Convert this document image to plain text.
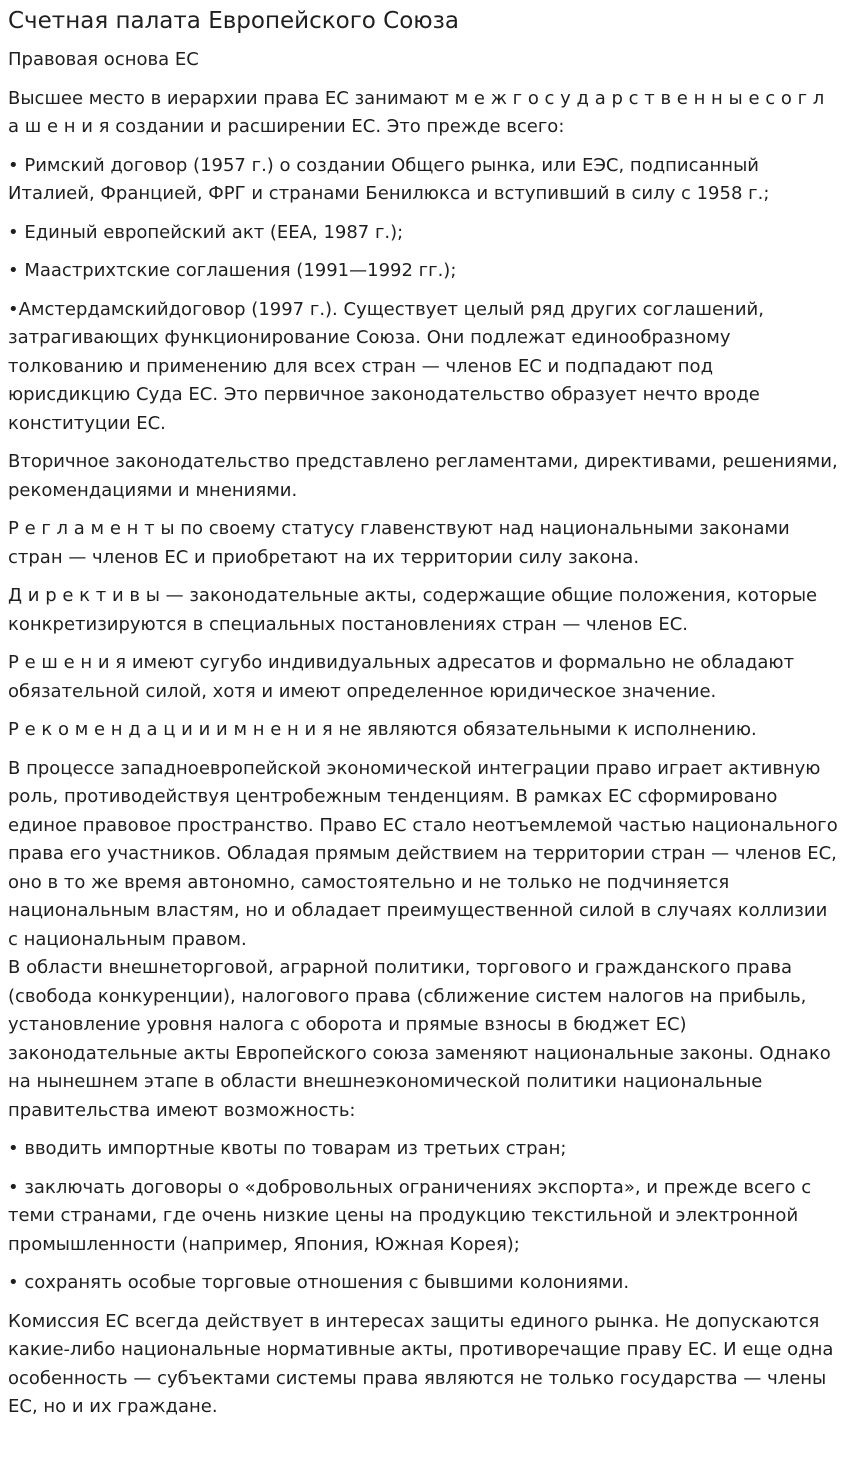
Счетная палата Европейского Союза

Правовая основа ЕС

Высшее место в иерархии права ЕС занимают м е ж г о с у д а р с т в е н н ы е с о г л а ш е н и я создании и расширении ЕС. Это прежде всего:

• Римский договор (1957 г.) о создании Общего рынка, или ЕЭС, подписанный Италией, Францией, ФРГ и странами Бенилюкса и вступивший в силу с 1958 г.;

• Единый европейский акт (ЕЕА, 1987 г.);

• Маастрихтские соглашения (1991—1992 гг.);

•Амстердамскийдоговор (1997 г.). Существует целый ряд других соглашений, затрагивающих функционирование Союза. Они подлежат единообразному толкованию и применению для всех стран — членов ЕС и подпадают под юрисдикцию Суда ЕС. Это первичное законодательство образует нечто вроде конституции ЕС.

Вторичное законодательство представлено регламентами, директивами, решениями, рекомендациями и мнениями.

Р е г л а м е н т ы по своему статусу главенствуют над национальными законами стран — членов ЕС и приобретают на их территории силу закона.

Д и р е к т и в ы — законодательные акты, содержащие общие положения, которые конкретизируются в специальных постановлениях стран — членов ЕС.

Р е ш е н и я имеют сугубо индивидуальных адресатов и формально не обладают обязательной силой, хотя и имеют определенное юридическое значение.

Р е к о м е н д а ц и и и м н е н и я не являются обязательными к исполнению.

В процессе западноевропейской экономической интеграции право играет активную роль, противодействуя центробежным тенденциям. В рамках ЕС сформировано единое правовое пространство. Право ЕС стало неотъемлемой частью национального права его участников. Обладая прямым действием на территории стран — членов ЕС, оно в то же время автономно, самостоятельно и не только не подчиняется национальным властям, но и обладает преимущественной силой в случаях коллизии с национальным правом.

В области внешнеторговой, аграрной политики, торгового и гражданского права (свобода конкуренции), налогового права (сближение систем налогов на прибыль, установление уровня налога с оборота и прямые взносы в бюджет ЕС) законодательные акты Европейского союза заменяют национальные законы. Однако на нынешнем этапе в области внешнеэкономической политики национальные правительства имеют возможность:

• вводить импортные квоты по товарам из третьих стран;

• заключать договоры о «добровольных ограничениях экспорта», и прежде всего с теми странами, где очень низкие цены на продукцию текстильной и электронной промышленности (например, Япония, Южная Корея);

• сохранять особые торговые отношения с бывшими колониями.

Комиссия ЕС всегда действует в интересах защиты единого рынка. Не допускаются какие-либо национальные нормативные акты, противоречащие праву ЕС. И еще одна особенность — субъектами системы права являются не только государства — члены ЕС, но и их граждане.
